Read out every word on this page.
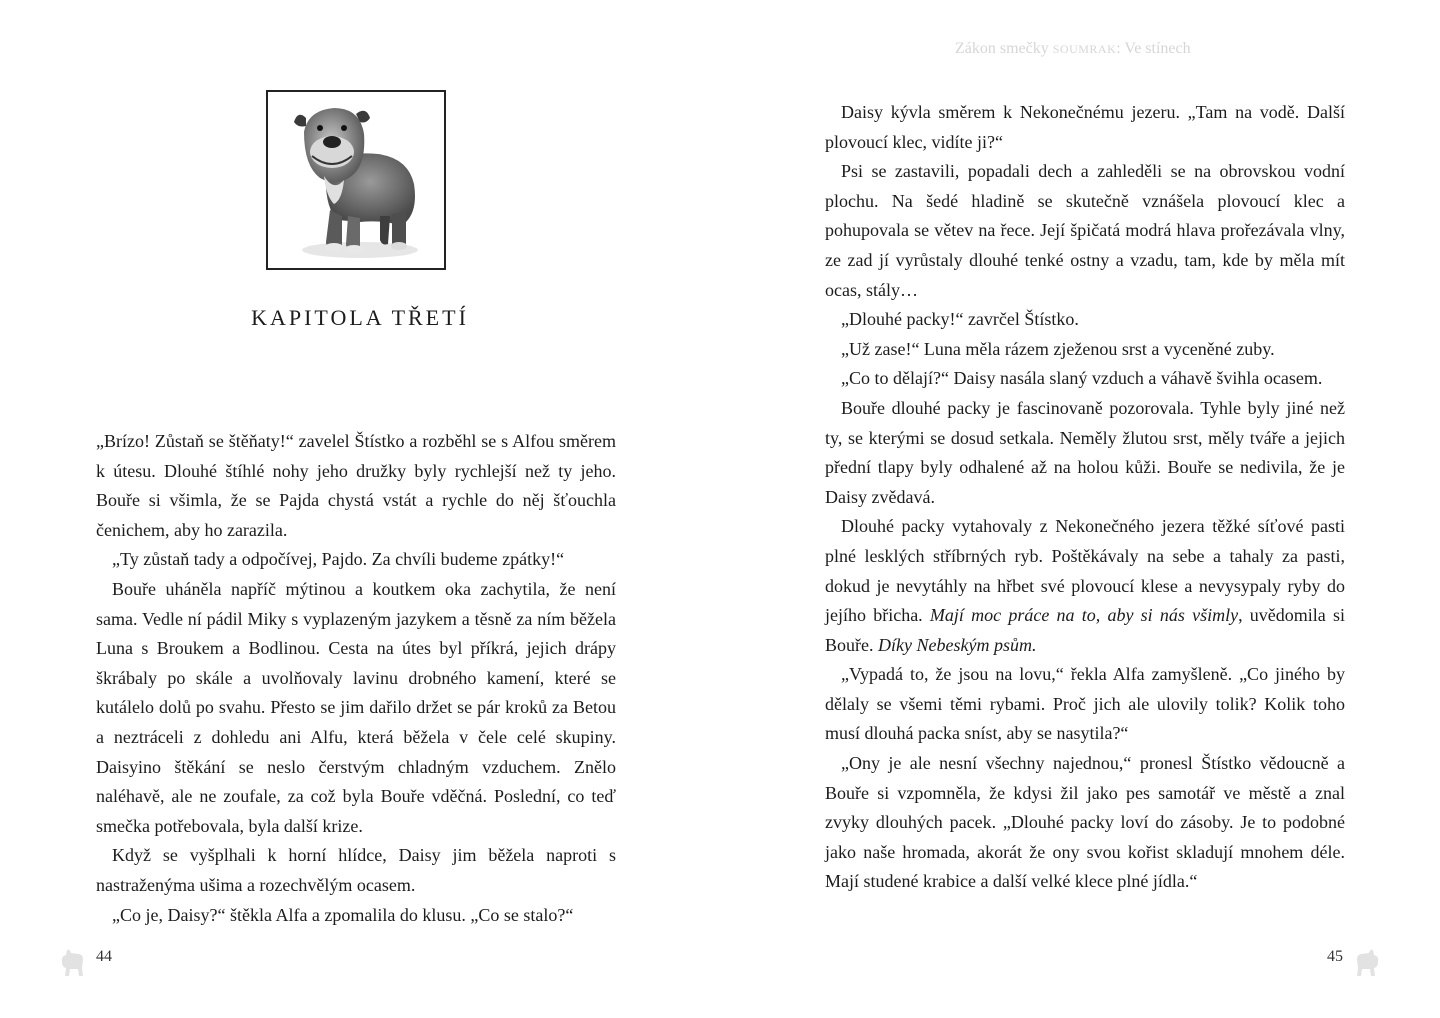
KAPITOLA TŘETÍ

„Brízo! Zůstaň se štěňaty!“ zavelel Štístko a rozběhl se s Alfou směrem k útesu. Dlouhé štíhlé nohy jeho družky byly rychlejší než ty jeho. Bouře si všimla, že se Pajda chystá vstát a rychle do něj šťouchla čenichem, aby ho zarazila.

„Ty zůstaň tady a odpočívej, Pajdo. Za chvíli budeme zpátky!“

Bouře uháněla napříč mýtinou a koutkem oka zachytila, že není sama. Vedle ní pádil Miky s vyplazeným jazykem a těsně za ním běžela Luna s Broukem a Bodlinou. Cesta na útes byl příkrá, jejich drápy škrábaly po skále a uvolňovaly lavinu drobného kamení, které se kutálelo dolů po svahu. Přesto se jim dařilo držet se pár kroků za Betou a neztráceli z dohledu ani Alfu, která běžela v čele celé skupiny. Daisyino štěkání se neslo čerstvým chladným vzduchem. Znělo naléhavě, ale ne zoufale, za což byla Bouře vděčná. Poslední, co teď smečka potřebovala, byla další krize.

Když se vyšplhali k horní hlídce, Daisy jim běžela naproti s nastraženýma ušima a rozechvělým ocasem.

„Co je, Daisy?“ štěkla Alfa a zpomalila do klusu. „Co se stalo?“

44
Zákon smečky SOUMRAK: Ve stínech

Daisy kývla směrem k Nekonečnému jezeru. „Tam na vodě. Další plovoucí klec, vidíte ji?“

Psi se zastavili, popadali dech a zahleděli se na obrovskou vodní plochu. Na šedé hladině se skutečně vznášela plovoucí klec a pohupovala se větev na řece. Její špičatá modrá hlava prořezávala vlny, ze zad jí vyrůstaly dlouhé tenké ostny a vzadu, tam, kde by měla mít ocas, stály…

„Dlouhé packy!“ zavrčel Štístko.

„Už zase!“ Luna měla rázem zježenou srst a vyceněné zuby.

„Co to dělají?“ Daisy nasála slaný vzduch a váhavě švihla ocasem.

Bouře dlouhé packy je fascinovaně pozorovala. Tyhle byly jiné než ty, se kterými se dosud setkala. Neměly žlutou srst, měly tváře a jejich přední tlapy byly odhalené až na holou kůži. Bouře se nedivila, že je Daisy zvědavá.

Dlouhé packy vytahovaly z Nekonečného jezera těžké síťové pasti plné lesklých stříbrných ryb. Poštěkávaly na sebe a tahaly za pasti, dokud je nevytáhly na hřbet své plovoucí klese a nevysypaly ryby do jejího břicha. Mají moc práce na to, aby si nás všimly, uvědomila si Bouře. Díky Nebeským psům.

„Vypadá to, že jsou na lovu,“ řekla Alfa zamyšleně. „Co jiného by dělaly se všemi těmi rybami. Proč jich ale ulovily tolik? Kolik toho musí dlouhá packa sníst, aby se nasytila?“

„Ony je ale nesní všechny najednou,“ pronesl Štístko vědoucně a Bouře si vzpomněla, že kdysi žil jako pes samotář ve městě a znal zvyky dlouhých pacek. „Dlouhé packy loví do zásoby. Je to podobné jako naše hromada, akorát že ony svou kořist skladují mnohem déle. Mají studené krabice a další velké klece plné jídla.“

45
